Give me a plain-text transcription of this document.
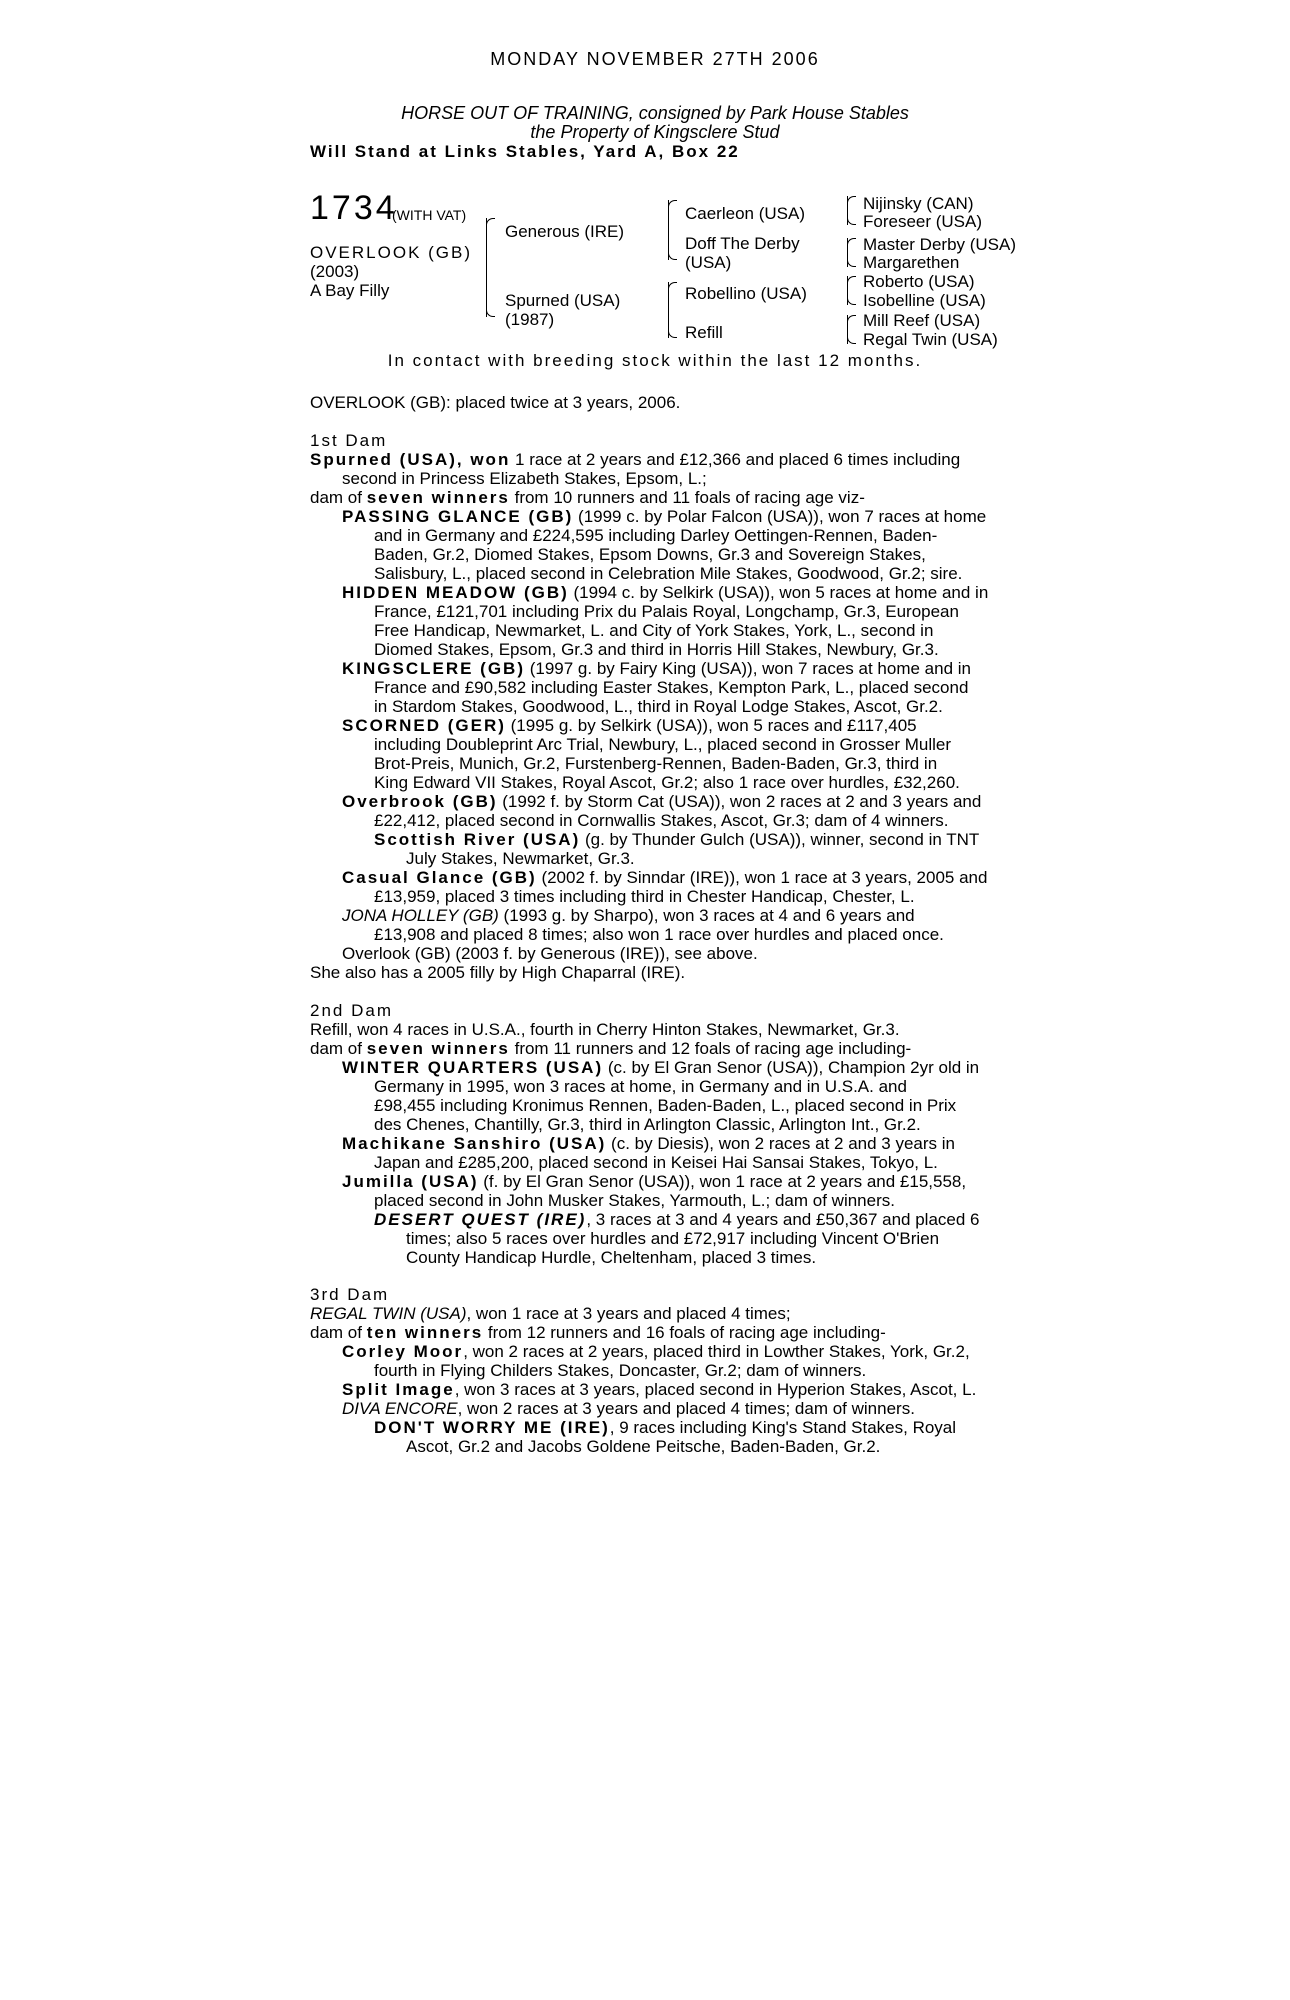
MONDAY NOVEMBER 27TH 2006
HORSE OUT OF TRAINING, consigned by Park House Stables
the Property of Kingsclere Stud
Will Stand at Links Stables, Yard A, Box 22
1734
(WITH VAT)
OVERLOOK (GB)
(2003)
A Bay Filly
Generous (IRE)
Spurned (USA)
(1987)
Caerleon (USA)
Doff The Derby
(USA)
Robellino (USA)
Refill
Nijinsky (CAN)
Foreseer (USA)
Master Derby (USA)
Margarethen
Roberto (USA)
Isobelline (USA)
Mill Reef (USA)
Regal Twin (USA)
In contact with breeding stock within the last 12 months.
OVERLOOK (GB): placed twice at 3 years, 2006.
1st Dam
Spurned (USA), won 1 race at 2 years and £12,366 and placed 6 times including
second in Princess Elizabeth Stakes, Epsom, L.;
dam of seven winners from 10 runners and 11 foals of racing age viz-
PASSING GLANCE (GB) (1999 c. by Polar Falcon (USA)), won 7 races at home
and in Germany and £224,595 including Darley Oettingen-Rennen, Baden-
Baden, Gr.2, Diomed Stakes, Epsom Downs, Gr.3 and Sovereign Stakes,
Salisbury, L., placed second in Celebration Mile Stakes, Goodwood, Gr.2; sire.
HIDDEN MEADOW (GB) (1994 c. by Selkirk (USA)), won 5 races at home and in
France, £121,701 including Prix du Palais Royal, Longchamp, Gr.3, European
Free Handicap, Newmarket, L. and City of York Stakes, York, L., second in
Diomed Stakes, Epsom, Gr.3 and third in Horris Hill Stakes, Newbury, Gr.3.
KINGSCLERE (GB) (1997 g. by Fairy King (USA)), won 7 races at home and in
France and £90,582 including Easter Stakes, Kempton Park, L., placed second
in Stardom Stakes, Goodwood, L., third in Royal Lodge Stakes, Ascot, Gr.2.
SCORNED (GER) (1995 g. by Selkirk (USA)), won 5 races and £117,405
including Doubleprint Arc Trial, Newbury, L., placed second in Grosser Muller
Brot-Preis, Munich, Gr.2, Furstenberg-Rennen, Baden-Baden, Gr.3, third in
King Edward VII Stakes, Royal Ascot, Gr.2; also 1 race over hurdles, £32,260.
Overbrook (GB) (1992 f. by Storm Cat (USA)), won 2 races at 2 and 3 years and
£22,412, placed second in Cornwallis Stakes, Ascot, Gr.3; dam of 4 winners.
Scottish River (USA) (g. by Thunder Gulch (USA)), winner, second in TNT
July Stakes, Newmarket, Gr.3.
Casual Glance (GB) (2002 f. by Sinndar (IRE)), won 1 race at 3 years, 2005 and
£13,959, placed 3 times including third in Chester Handicap, Chester, L.
JONA HOLLEY (GB) (1993 g. by Sharpo), won 3 races at 4 and 6 years and
£13,908 and placed 8 times; also won 1 race over hurdles and placed once.
Overlook (GB) (2003 f. by Generous (IRE)), see above.
She also has a 2005 filly by High Chaparral (IRE).
2nd Dam
Refill, won 4 races in U.S.A., fourth in Cherry Hinton Stakes, Newmarket, Gr.3.
dam of seven winners from 11 runners and 12 foals of racing age including-
WINTER QUARTERS (USA) (c. by El Gran Senor (USA)), Champion 2yr old in
Germany in 1995, won 3 races at home, in Germany and in U.S.A. and
£98,455 including Kronimus Rennen, Baden-Baden, L., placed second in Prix
des Chenes, Chantilly, Gr.3, third in Arlington Classic, Arlington Int., Gr.2.
Machikane Sanshiro (USA) (c. by Diesis), won 2 races at 2 and 3 years in
Japan and £285,200, placed second in Keisei Hai Sansai Stakes, Tokyo, L.
Jumilla (USA) (f. by El Gran Senor (USA)), won 1 race at 2 years and £15,558,
placed second in John Musker Stakes, Yarmouth, L.; dam of winners.
DESERT QUEST (IRE), 3 races at 3 and 4 years and £50,367 and placed 6
times; also 5 races over hurdles and £72,917 including Vincent O'Brien
County Handicap Hurdle, Cheltenham, placed 3 times.
3rd Dam
REGAL TWIN (USA), won 1 race at 3 years and placed 4 times;
dam of ten winners from 12 runners and 16 foals of racing age including-
Corley Moor, won 2 races at 2 years, placed third in Lowther Stakes, York, Gr.2,
fourth in Flying Childers Stakes, Doncaster, Gr.2; dam of winners.
Split Image, won 3 races at 3 years, placed second in Hyperion Stakes, Ascot, L.
DIVA ENCORE, won 2 races at 3 years and placed 4 times; dam of winners.
DON'T WORRY ME (IRE), 9 races including King's Stand Stakes, Royal
Ascot, Gr.2 and Jacobs Goldene Peitsche, Baden-Baden, Gr.2.
